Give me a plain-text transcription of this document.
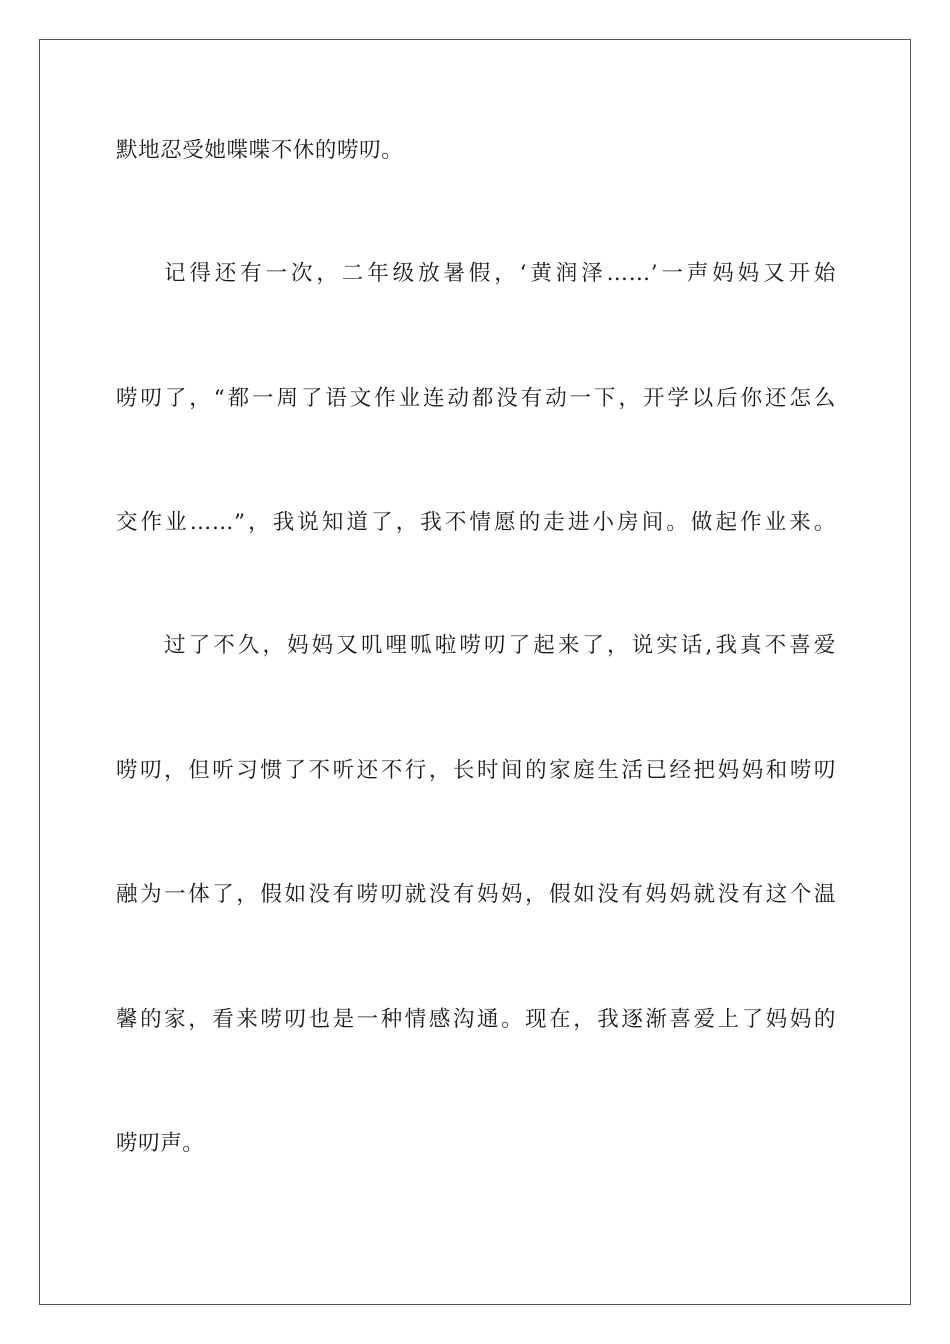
默地忍受她喋喋不休的唠叨。
记得还有一次，二年级放暑假，‘黄润泽……’一声妈妈又开始
唠叨了，“都一周了语文作业连动都没有动一下，开学以后你还怎么
交作业……”，我说知道了，我不情愿的走进小房间。做起作业来。
过了不久，妈妈又叽哩呱啦唠叨了起来了，说实话,我真不喜爱
唠叨，但听习惯了不听还不行，长时间的家庭生活已经把妈妈和唠叨
融为一体了，假如没有唠叨就没有妈妈，假如没有妈妈就没有这个温
馨的家，看来唠叨也是一种情感沟通。现在，我逐渐喜爱上了妈妈的
唠叨声。
